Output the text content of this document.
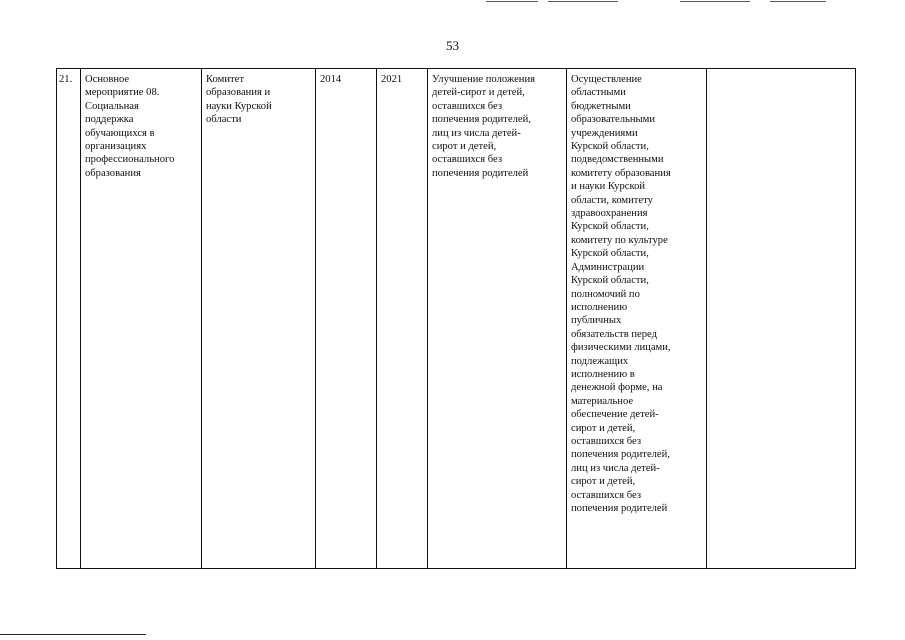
53
21.	Основное
мероприятие 08.
Социальная
поддержка
обучающихся в
организациях
профессионального
образования	Комитет
образования и
науки Курской
области	2014	2021	Улучшение положения
детей-сирот и детей,
оставшихся без
попечения родителей,
лиц из числа детей-
сирот и детей,
оставшихся без
попечения родителей	Осуществление
областными
бюджетными
образовательными
учреждениями
Курской области,
подведомственными
комитету образования
и науки Курской
области, комитету
здравоохранения
Курской области,
комитету по культуре
Курской области,
Администрации
Курской области,
полномочий по
исполнению
публичных
обязательств перед
физическими лицами,
подлежащих
исполнению в
денежной форме, на
материальное
обеспечение детей-
сирот и детей,
оставшихся без
попечения родителей,
лиц из числа детей-
сирот и детей,
оставшихся без
попечения родителей	
